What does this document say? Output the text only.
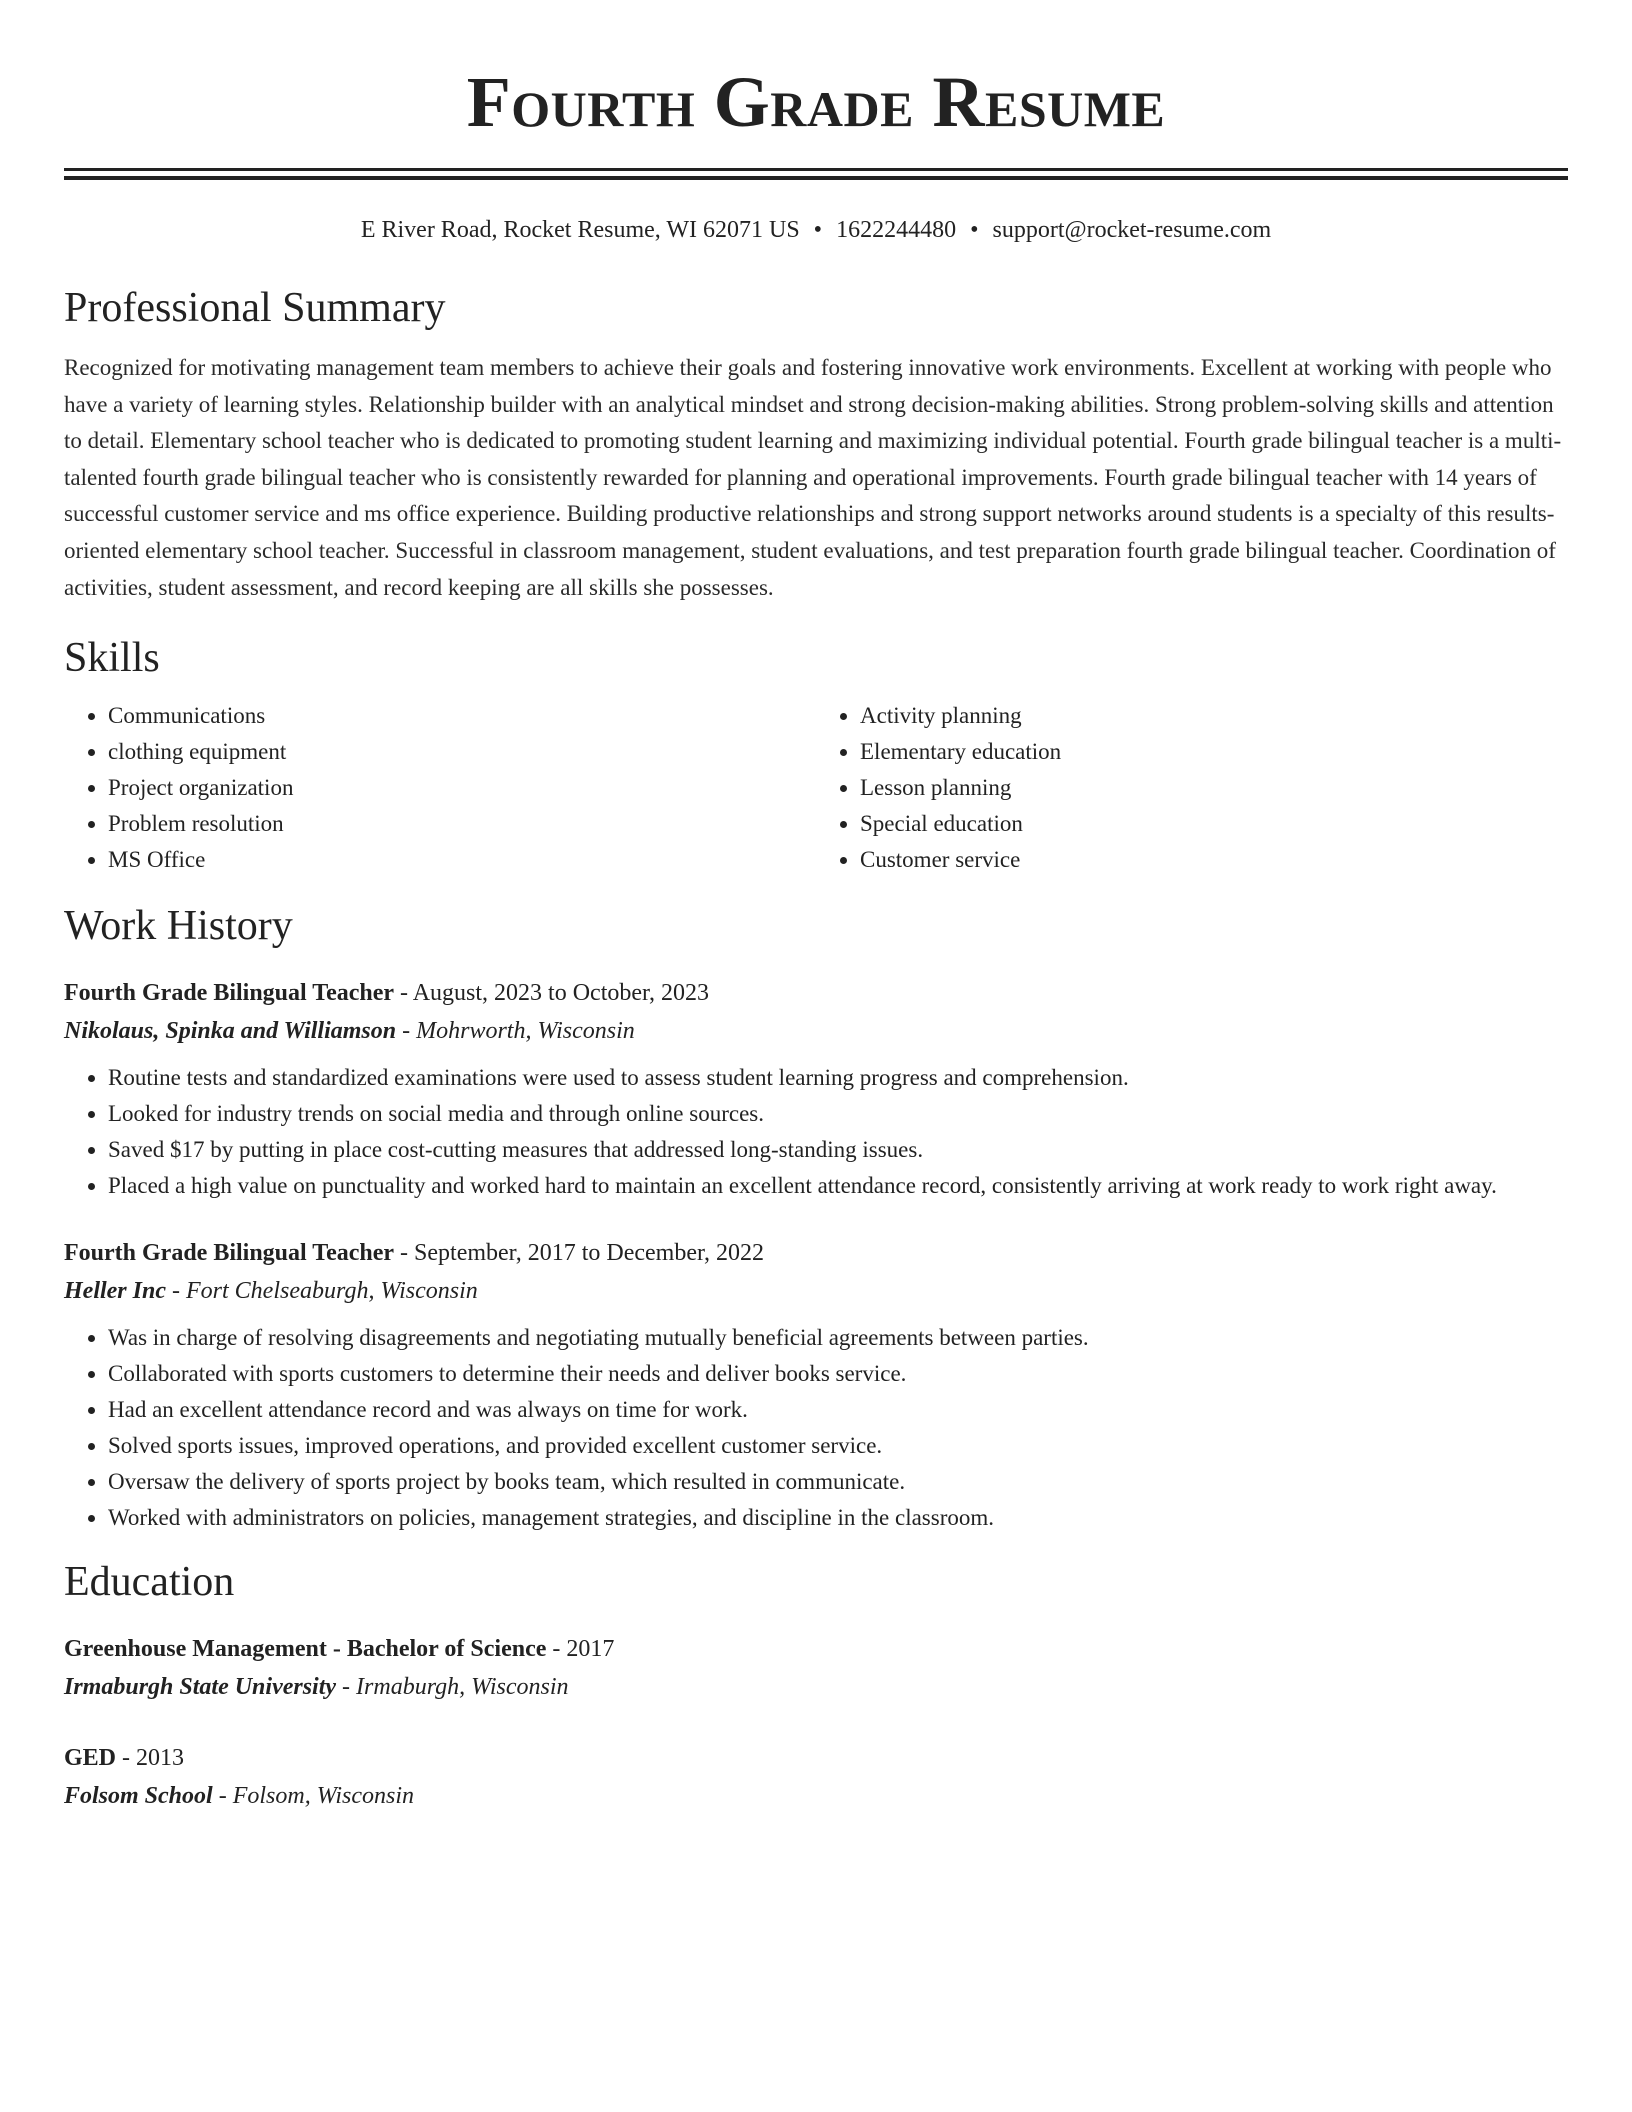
Fourth Grade Resume
E River Road, Rocket Resume, WI 62071 US • 1622244480 • support@rocket-resume.com
Professional Summary
Recognized for motivating management team members to achieve their goals and fostering innovative work environments. Excellent at working with people who have a variety of learning styles. Relationship builder with an analytical mindset and strong decision-making abilities. Strong problem-solving skills and attention to detail. Elementary school teacher who is dedicated to promoting student learning and maximizing individual potential. Fourth grade bilingual teacher is a multi-talented fourth grade bilingual teacher who is consistently rewarded for planning and operational improvements. Fourth grade bilingual teacher with 14 years of successful customer service and ms office experience. Building productive relationships and strong support networks around students is a specialty of this results-oriented elementary school teacher. Successful in classroom management, student evaluations, and test preparation fourth grade bilingual teacher. Coordination of activities, student assessment, and record keeping are all skills she possesses.
Skills
• Communications
• clothing equipment
• Project organization
• Problem resolution
• MS Office
• Activity planning
• Elementary education
• Lesson planning
• Special education
• Customer service
Work History
Fourth Grade Bilingual Teacher - August, 2023 to October, 2023
Nikolaus, Spinka and Williamson - Mohrworth, Wisconsin
• Routine tests and standardized examinations were used to assess student learning progress and comprehension.
• Looked for industry trends on social media and through online sources.
• Saved $17 by putting in place cost-cutting measures that addressed long-standing issues.
• Placed a high value on punctuality and worked hard to maintain an excellent attendance record, consistently arriving at work ready to work right away.
Fourth Grade Bilingual Teacher - September, 2017 to December, 2022
Heller Inc - Fort Chelseaburgh, Wisconsin
• Was in charge of resolving disagreements and negotiating mutually beneficial agreements between parties.
• Collaborated with sports customers to determine their needs and deliver books service.
• Had an excellent attendance record and was always on time for work.
• Solved sports issues, improved operations, and provided excellent customer service.
• Oversaw the delivery of sports project by books team, which resulted in communicate.
• Worked with administrators on policies, management strategies, and discipline in the classroom.
Education
Greenhouse Management - Bachelor of Science - 2017
Irmaburgh State University - Irmaburgh, Wisconsin
GED - 2013
Folsom School - Folsom, Wisconsin
